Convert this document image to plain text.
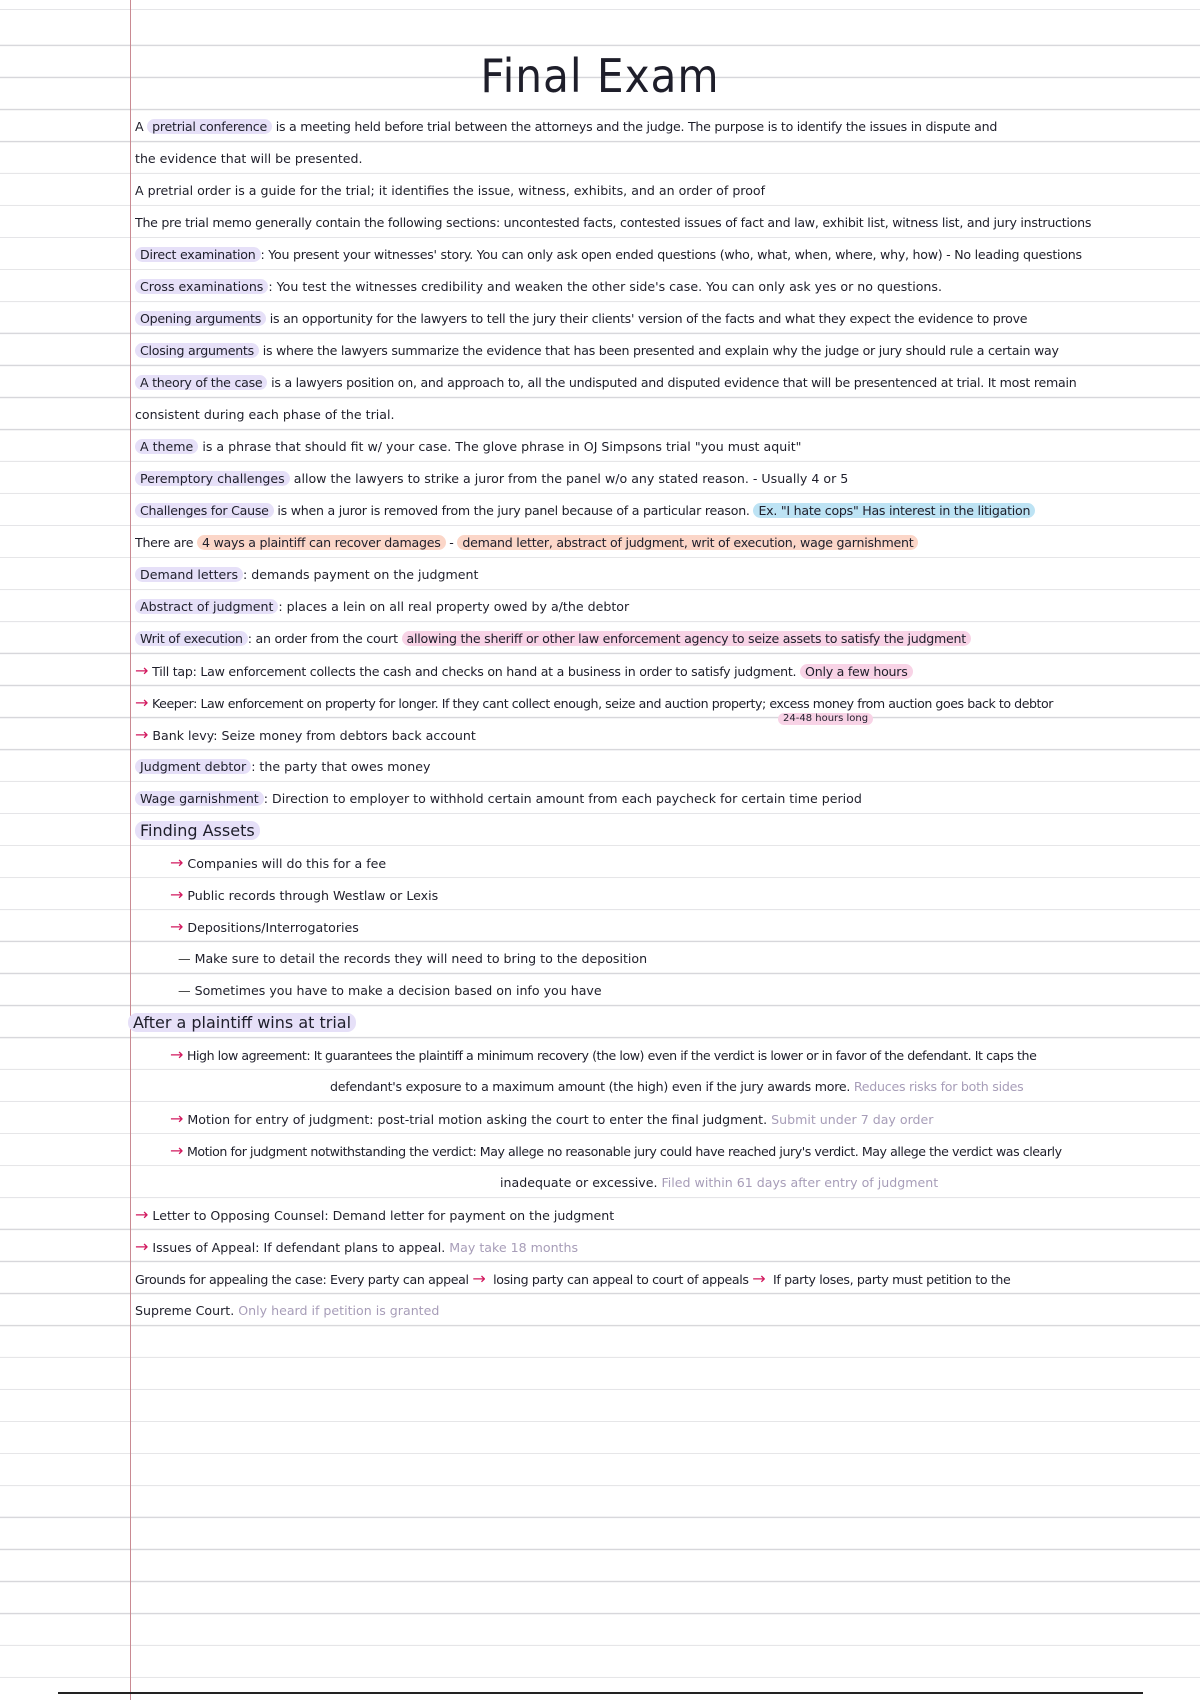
Final Exam
A pretrial conference is a meeting held before trial between the attorneys and the judge. The purpose is to identify the issues in dispute and
the evidence that will be presented.
A pretrial order is a guide for the trial; it identifies the issue, witness, exhibits, and an order of proof
The pre trial memo generally contain the following sections: uncontested facts, contested issues of fact and law, exhibit list, witness list, and jury instructions
Direct examination : You present your witnesses' story. You can only ask open ended questions (who, what, when, where, why, how) - No leading questions
Cross examinations : You test the witnesses credibility and weaken the other side's case. You can only ask yes or no questions.
Opening arguments is an opportunity for the lawyers to tell the jury their clients' version of the facts and what they expect the evidence to prove
Closing arguments is where the lawyers summarize the evidence that has been presented and explain why the judge or jury should rule a certain way
A theory of the case is a lawyers position on, and approach to, all the undisputed and disputed evidence that will be presentenced at trial. It most remain
consistent during each phase of the trial.
A theme is a phrase that should fit w/ your case. The glove phrase in OJ Simpsons trial "you must aquit"
Peremptory challenges allow the lawyers to strike a juror from the panel w/o any stated reason. - Usually 4 or 5
Challenges for Cause is when a juror is removed from the jury panel because of a particular reason. Ex. "I hate cops" Has interest in the litigation
There are 4 ways a plaintiff can recover damages - demand letter, abstract of judgment, writ of execution, wage garnishment
Demand letters : demands payment on the judgment
Abstract of judgment : places a lein on all real property owed by a/the debtor
Writ of execution : an order from the court allowing the sheriff or other law enforcement agency to seize assets to satisfy the judgment
→ Till tap: Law enforcement collects the cash and checks on hand at a business in order to satisfy judgment. Only a few hours
→ Keeper: Law enforcement on property for longer. If they cant collect enough, seize and auction property; excess money from auction goes back to debtor
24-48 hours long
→ Bank levy: Seize money from debtors back account
Judgment debtor : the party that owes money
Wage garnishment : Direction to employer to withhold certain amount from each paycheck for certain time period
Finding Assets
→ Companies will do this for a fee
→ Public records through Westlaw or Lexis
→ Depositions/Interrogatories
— Make sure to detail the records they will need to bring to the deposition
— Sometimes you have to make a decision based on info you have
After a plaintiff wins at trial
→ High low agreement: It guarantees the plaintiff a minimum recovery (the low) even if the verdict is lower or in favor of the defendant. It caps the
defendant's exposure to a maximum amount (the high) even if the jury awards more. Reduces risks for both sides
→ Motion for entry of judgment: post-trial motion asking the court to enter the final judgment. Submit under 7 day order
→ Motion for judgment notwithstanding the verdict: May allege no reasonable jury could have reached jury's verdict. May allege the verdict was clearly
inadequate or excessive. Filed within 61 days after entry of judgment
→ Letter to Opposing Counsel: Demand letter for payment on the judgment
→ Issues of Appeal: If defendant plans to appeal. May take 18 months
Grounds for appealing the case: Every party can appeal → losing party can appeal to court of appeals → If party loses, party must petition to the
Supreme Court. Only heard if petition is granted
